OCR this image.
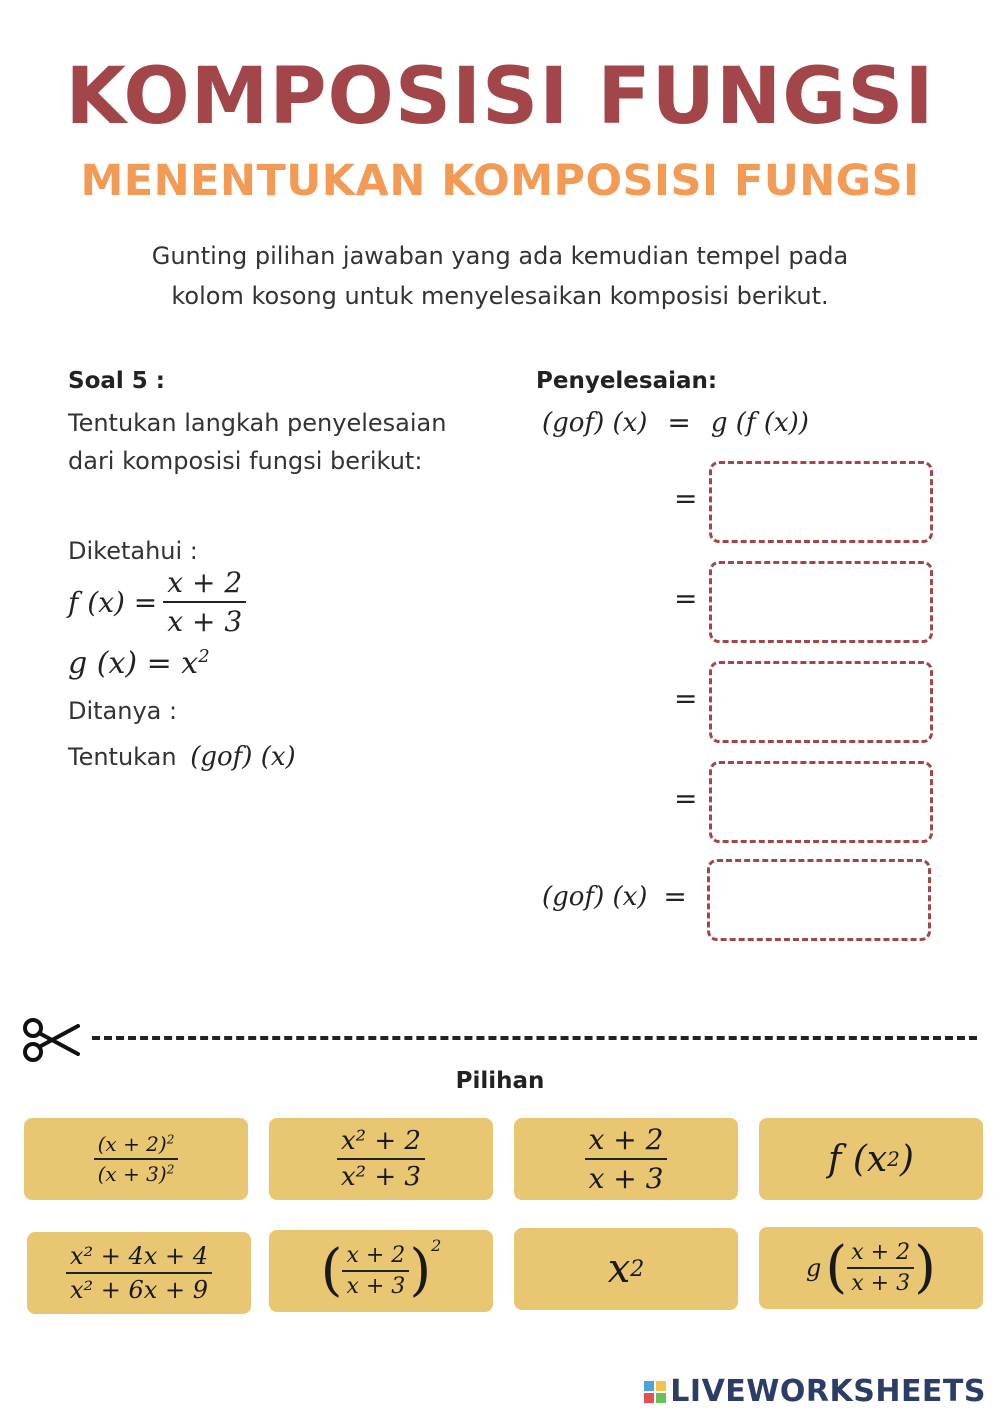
KOMPOSISI FUNGSI
MENENTUKAN KOMPOSISI FUNGSI
Gunting pilihan jawaban yang ada kemudian tempel pada
kolom kosong untuk menyelesaikan komposisi berikut.
Soal 5 :
Tentukan langkah penyelesaian
dari komposisi fungsi berikut:
Diketahui :
f $(x) = \frac{x + 2}{x + 3}$
g $(x) = x^2$
Ditanya :
Tentukan (gof) (x)
Penyelesaian:
(gof) (x) = g (f (x))
=
=
=
=
(gof) (x) =
Pilihan
$\frac{(x + 2)^2}{(x + 3)^2}$	$\frac{\text{x² + 2}}{\text{x² + 3}}$	$\frac{x + 2}{x + 3}$	f (x 2 )
$\frac{\text{x² + 4x + 4}}{\text{x² + 6x + 9}}$ ( $\frac{x + 2}{x + 3}$ ) 2
x 2	g ( $\frac{x + 2}{x + 3}$ )
LIVEWORKSHEETS
